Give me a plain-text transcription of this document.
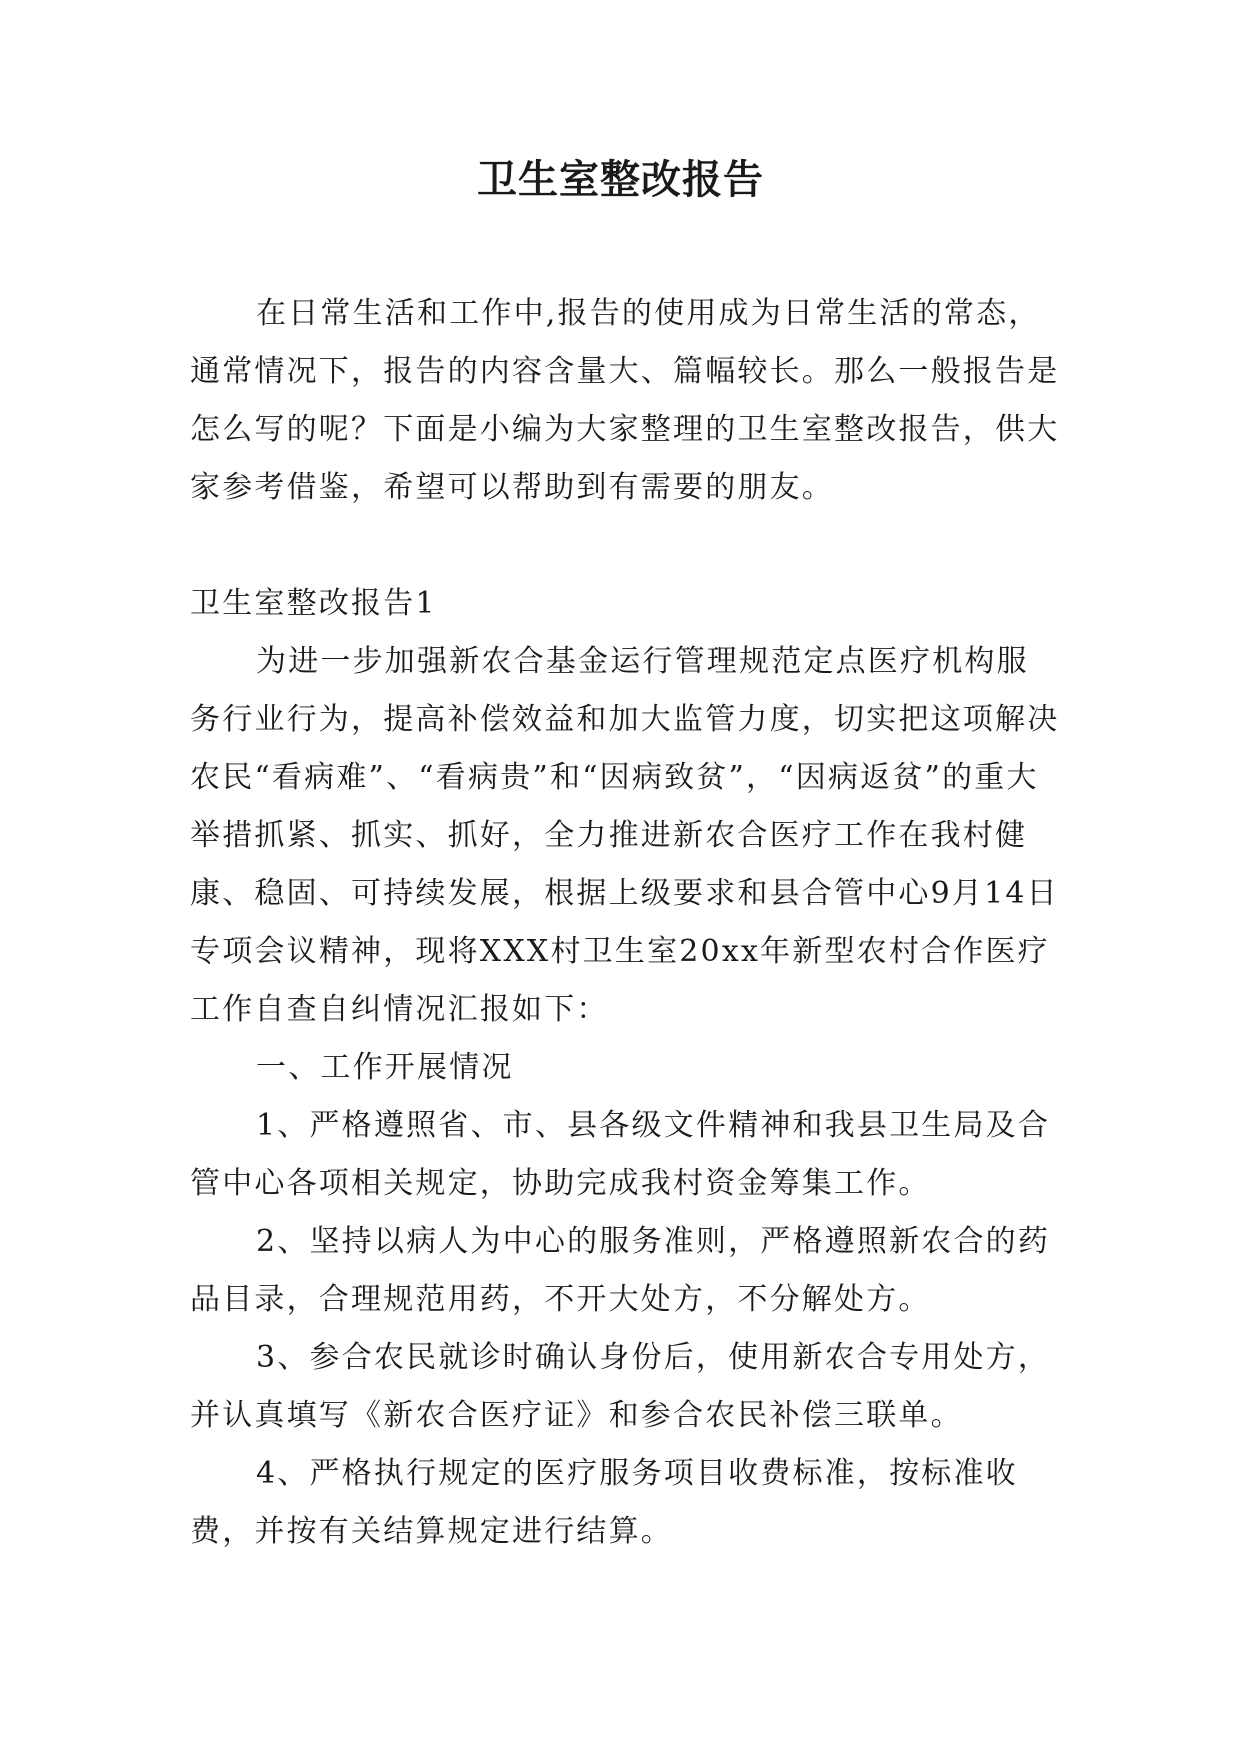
卫生室整改报告

在日常生活和工作中,报告的使用成为日常生活的常态，通常情况下，报告的内容含量大、篇幅较长。那么一般报告是怎么写的呢？下面是小编为大家整理的卫生室整改报告，供大家参考借鉴，希望可以帮助到有需要的朋友。

卫生室整改报告1

为进一步加强新农合基金运行管理规范定点医疗机构服务行业行为，提高补偿效益和加大监管力度，切实把这项解决农民“看病难”、“看病贵”和“因病致贫”，“因病返贫”的重大举措抓紧、抓实、抓好，全力推进新农合医疗工作在我村健康、稳固、可持续发展，根据上级要求和县合管中心9月14日专项会议精神，现将XXX村卫生室20xx年新型农村合作医疗工作自查自纠情况汇报如下：

一、工作开展情况

1、严格遵照省、市、县各级文件精神和我县卫生局及合管中心各项相关规定，协助完成我村资金筹集工作。

2、坚持以病人为中心的服务准则，严格遵照新农合的药品目录，合理规范用药，不开大处方，不分解处方。

3、参合农民就诊时确认身份后，使用新农合专用处方，并认真填写《新农合医疗证》和参合农民补偿三联单。

4、严格执行规定的医疗服务项目收费标准，按标准收费，并按有关结算规定进行结算。
